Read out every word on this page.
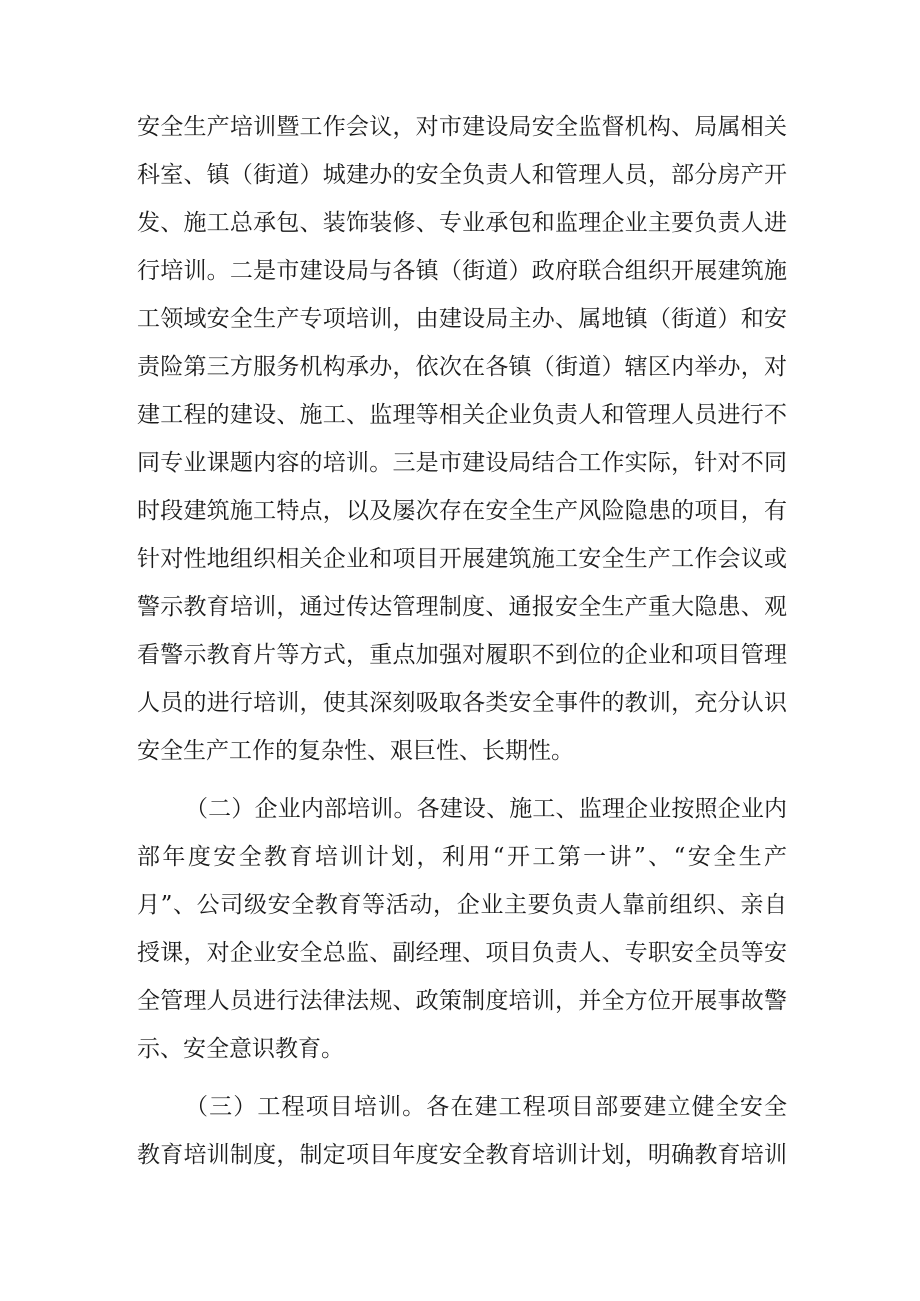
安全生产培训暨工作会议，对市建设局安全监督机构、局属相关
科室、镇（街道）城建办的安全负责人和管理人员，部分房产开
发、施工总承包、装饰装修、专业承包和监理企业主要负责人进
行培训。二是市建设局与各镇（街道）政府联合组织开展建筑施
工领域安全生产专项培训，由建设局主办、属地镇（街道）和安
责险第三方服务机构承办，依次在各镇（街道）辖区内举办，对
建工程的建设、施工、监理等相关企业负责人和管理人员进行不
同专业课题内容的培训。三是市建设局结合工作实际，针对不同
时段建筑施工特点，以及屡次存在安全生产风险隐患的项目，有
针对性地组织相关企业和项目开展建筑施工安全生产工作会议或
警示教育培训，通过传达管理制度、通报安全生产重大隐患、观
看警示教育片等方式，重点加强对履职不到位的企业和项目管理
人员的进行培训，使其深刻吸取各类安全事件的教训，充分认识
安全生产工作的复杂性、艰巨性、长期性。
（二）企业内部培训。各建设、施工、监理企业按照企业内
部年度安全教育培训计划，利用“开工第一讲”、“安全生产
月”、公司级安全教育等活动，企业主要负责人靠前组织、亲自
授课，对企业安全总监、副经理、项目负责人、专职安全员等安
全管理人员进行法律法规、政策制度培训，并全方位开展事故警
示、安全意识教育。
（三）工程项目培训。各在建工程项目部要建立健全安全
教育培训制度，制定项目年度安全教育培训计划，明确教育培训
